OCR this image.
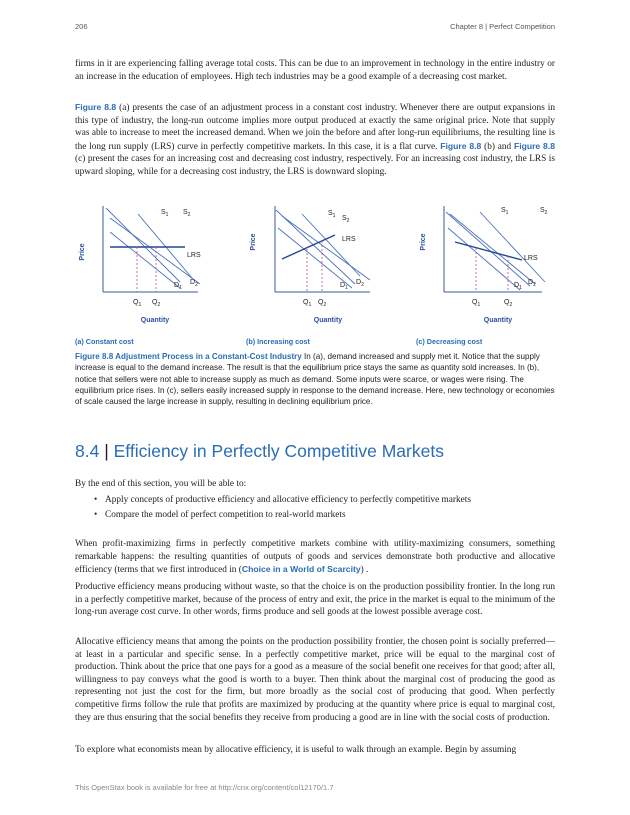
206	Chapter 8 | Perfect Competition

firms in it are experiencing falling average total costs. This can be due to an improvement in technology in the entire industry or an increase in the education of employees. High tech industries may be a good example of a decreasing cost market.

Figure 8.8 (a) presents the case of an adjustment process in a constant cost industry. Whenever there are output expansions in this type of industry, the long-run outcome implies more output produced at exactly the same original price. Note that supply was able to increase to meet the increased demand. When we join the before and after long-run equilibriums, the resulting line is the long run supply (LRS) curve in perfectly competitive markets. In this case, it is a flat curve. Figure 8.8 (b) and Figure 8.8 (c) present the cases for an increasing cost and decreasing cost industry, respectively. For an increasing cost industry, the LRS is upward sloping, while for a decreasing cost industry, the LRS is downward sloping.

Price
Quantity
$S_1$ $S_2$
LRS
$D_1$
$D_2$
$Q_1$ $Q_2$
(a) Constant cost
Price
Quantity
$S_1$ $S_2$
LRS
$D_1$
$D_2$
$Q_1$ $Q_2$
(b) Increasing cost
Price
Quantity
$S_1$	$S_2$
LRS
$D_1$
$D_2$
$Q_1$	$Q_2$
(c) Decreasing cost
Figure 8.8 Adjustment Process in a Constant-Cost Industry In (a), demand increased and supply met it. Notice that the supply increase is equal to the demand increase. The result is that the equilibrium price stays the same as quantity sold increases. In (b), notice that sellers were not able to increase supply as much as demand. Some inputs were scarce, or wages were rising. The equilibrium price rises. In (c), sellers easily increased supply in response to the demand increase. Here, new technology or economies of scale caused the large increase in supply, resulting in declining equilibrium price.
8.4 | Efficiency in Perfectly Competitive Markets
By the end of this section, you will be able to:
• Apply concepts of productive efficiency and allocative efficiency to perfectly competitive markets
• Compare the model of perfect competition to real-world markets

When profit-maximizing firms in perfectly competitive markets combine with utility-maximizing consumers, something remarkable happens: the resulting quantities of outputs of goods and services demonstrate both productive and allocative efficiency (terms that we first introduced in (Choice in a World of Scarcity) .

Productive efficiency means producing without waste, so that the choice is on the production possibility frontier. In the long run in a perfectly competitive market, because of the process of entry and exit, the price in the market is equal to the minimum of the long-run average cost curve. In other words, firms produce and sell goods at the lowest possible average cost.

Allocative efficiency means that among the points on the production possibility frontier, the chosen point is socially preferred—at least in a particular and specific sense. In a perfectly competitive market, price will be equal to the marginal cost of production. Think about the price that one pays for a good as a measure of the social benefit one receives for that good; after all, willingness to pay conveys what the good is worth to a buyer. Then think about the marginal cost of producing the good as representing not just the cost for the firm, but more broadly as the social cost of producing that good. When perfectly competitive firms follow the rule that profits are maximized by producing at the quantity where price is equal to marginal cost, they are thus ensuring that the social benefits they receive from producing a good are in line with the social costs of production.

To explore what economists mean by allocative efficiency, it is useful to walk through an example. Begin by assuming

This OpenStax book is available for free at http://cnx.org/content/col12170/1.7
